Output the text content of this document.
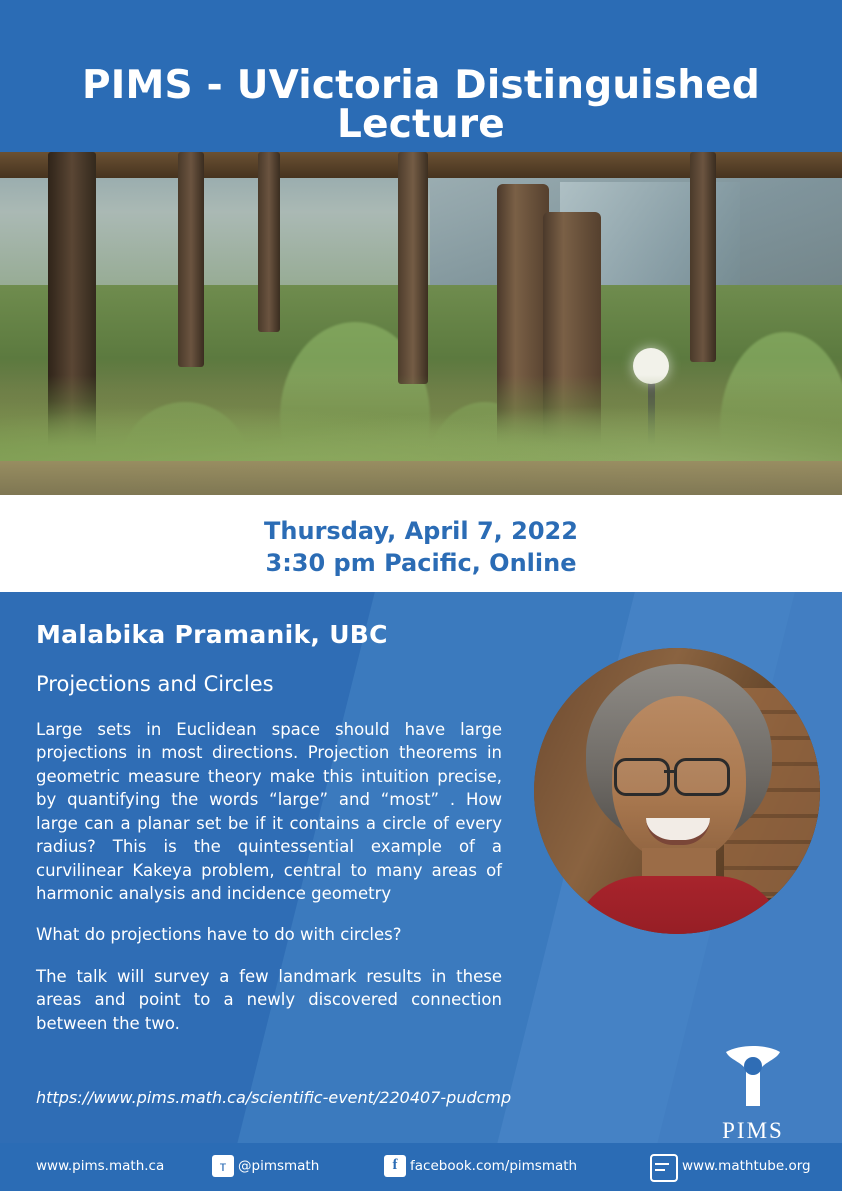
PIMS - UVictoria Distinguished Lecture
Thursday, April 7, 2022
3:30 pm Pacific, Online
Malabika Pramanik, UBC
Projections and Circles

Large sets in Euclidean space should have large projections in most directions. Projection theorems in geometric measure theory make this intuition precise, by quantifying the words “large” and “most” . How large can a planar set be if it contains a circle of every radius? This is the quintessential example of a curvilinear Kakeya problem, central to many areas of harmonic analysis and incidence geometry

What do projections have to do with circles?

The talk will survey a few landmark results in these areas and point to a newly discovered connection between the two.

https://www.pims.math.ca/scientific-event/220407-pudcmp
PIMS
www.pims.math.ca	ᴛ @pimsmath	f facebook.com/pimsmath	www.mathtube.org
